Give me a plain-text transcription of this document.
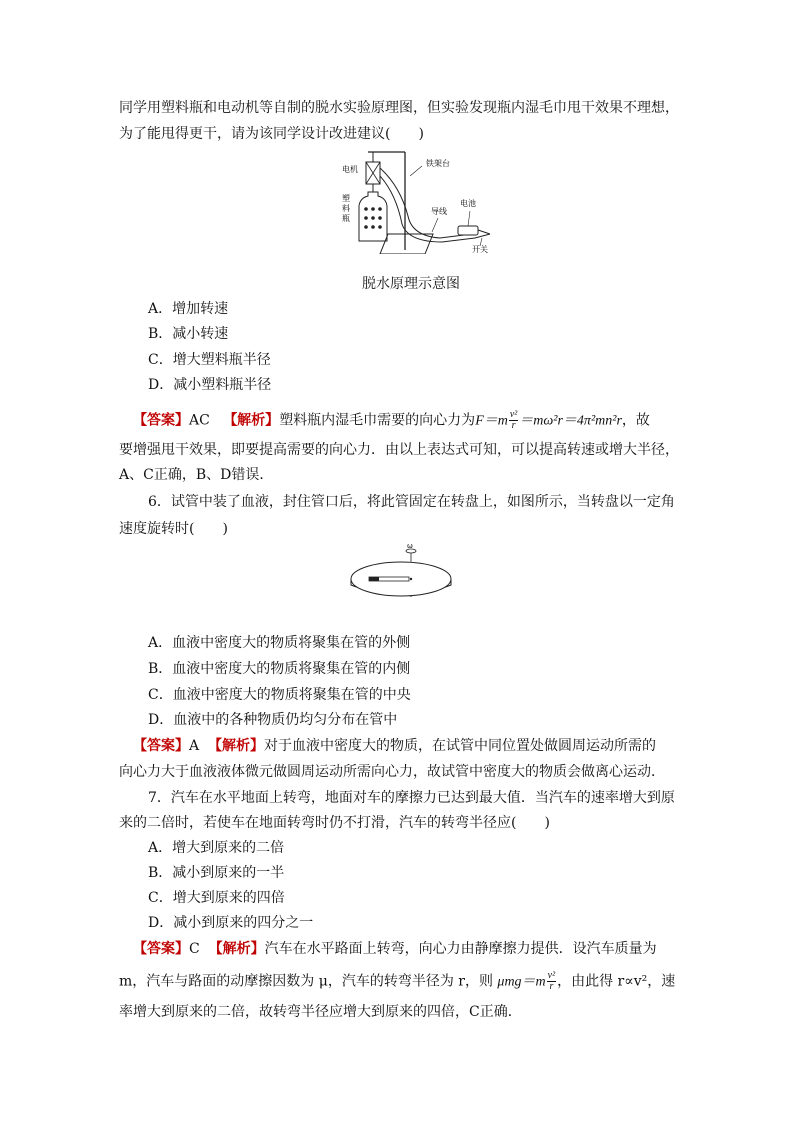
同学用塑料瓶和电动机等自制的脱水实验原理图，但实验发现瓶内湿毛巾甩干效果不理想，
为了能甩得更干，请为该同学设计改进建议(　　)
电机
铁架台
塑
料
瓶
电池
导线
开关
脱水原理示意图
A．增加转速
B．减小转速
C．增大塑料瓶半径
D．减小塑料瓶半径
【答案】AC 【解析】塑料瓶内湿毛巾需要的向心力为$F=m \frac{\text{v²}}{r} =m\omega^2r=4\pi^2mn^2r$，故
要增强甩干效果，即要提高需要的向心力．由以上表达式可知，可以提高转速或增大半径，
A、C正确，B、D错误．
6．试管中装了血液，封住管口后，将此管固定在转盘上，如图所示，当转盘以一定角
速度旋转时(　　)
ω
A．血液中密度大的物质将聚集在管的外侧
B．血液中密度大的物质将聚集在管的内侧
C．血液中密度大的物质将聚集在管的中央
D．血液中的各种物质仍均匀分布在管中
【答案】A 【解析】对于血液中密度大的物质，在试管中同位置处做圆周运动所需的
向心力大于血液液体微元做圆周运动所需向心力，故试管中密度大的物质会做离心运动．
7．汽车在水平地面上转弯，地面对车的摩擦力已达到最大值．当汽车的速率增大到原
来的二倍时，若使车在地面转弯时仍不打滑，汽车的转弯半径应(　　)
A．增大到原来的二倍
B．减小到原来的一半
C．增大到原来的四倍
D．减小到原来的四分之一
【答案】C 【解析】汽车在水平路面上转弯，向心力由静摩擦力提供．设汽车质量为
m，汽车与路面的动摩擦因数为 μ，汽车的转弯半径为 r，则 $\mu mg=m \frac{\text{v²}}{r}$ ，由此得 r∝v²，速
率增大到原来的二倍，故转弯半径应增大到原来的四倍，C正确．
